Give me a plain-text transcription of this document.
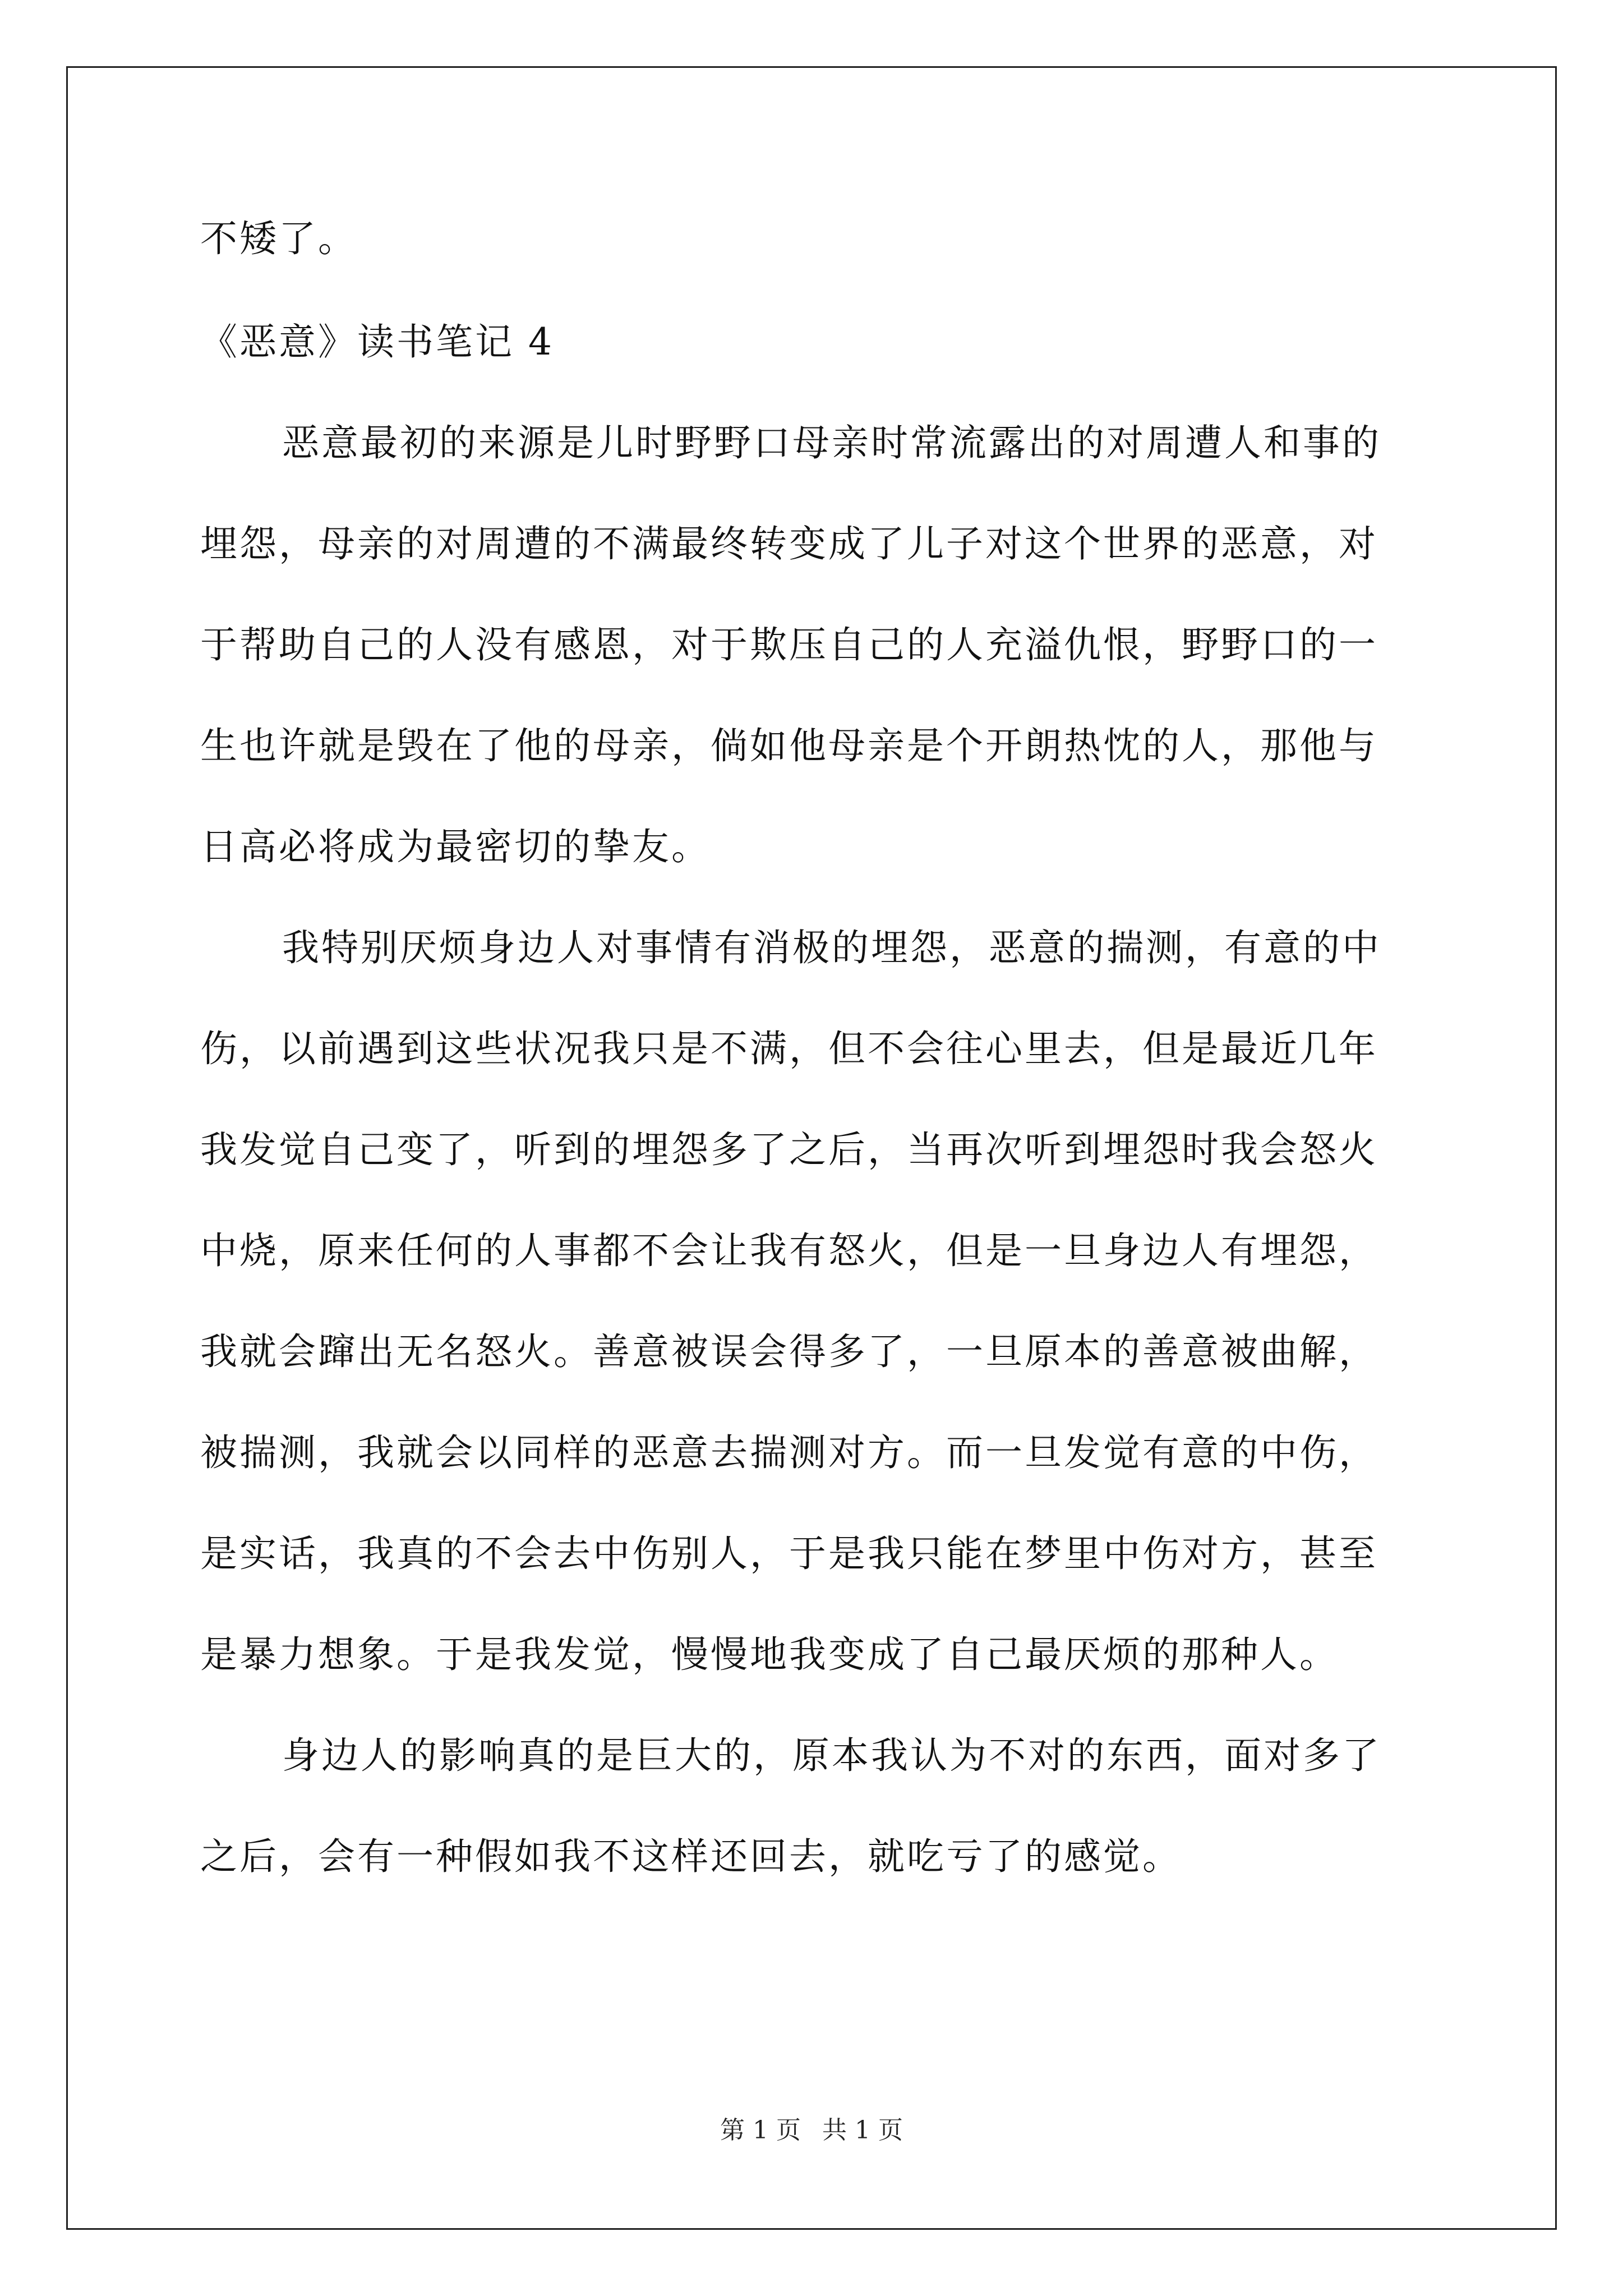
不矮了。

《恶意》读书笔记 4

恶意最初的来源是儿时野野口母亲时常流露出的对周遭人和事的
埋怨，母亲的对周遭的不满最终转变成了儿子对这个世界的恶意，对
于帮助自己的人没有感恩，对于欺压自己的人充溢仇恨，野野口的一
生也许就是毁在了他的母亲，倘如他母亲是个开朗热忱的人，那他与
日高必将成为最密切的挚友。
我特别厌烦身边人对事情有消极的埋怨，恶意的揣测，有意的中
伤，以前遇到这些状况我只是不满，但不会往心里去，但是最近几年
我发觉自己变了，听到的埋怨多了之后，当再次听到埋怨时我会怒火
中烧，原来任何的人事都不会让我有怒火，但是一旦身边人有埋怨，
我就会蹿出无名怒火。善意被误会得多了，一旦原本的善意被曲解，
被揣测，我就会以同样的恶意去揣测对方。而一旦发觉有意的中伤，
是实话，我真的不会去中伤别人，于是我只能在梦里中伤对方，甚至
是暴力想象。于是我发觉，慢慢地我变成了自己最厌烦的那种人。
身边人的影响真的是巨大的，原本我认为不对的东西，面对多了
之后，会有一种假如我不这样还回去，就吃亏了的感觉。
第 1 页 共 1 页
